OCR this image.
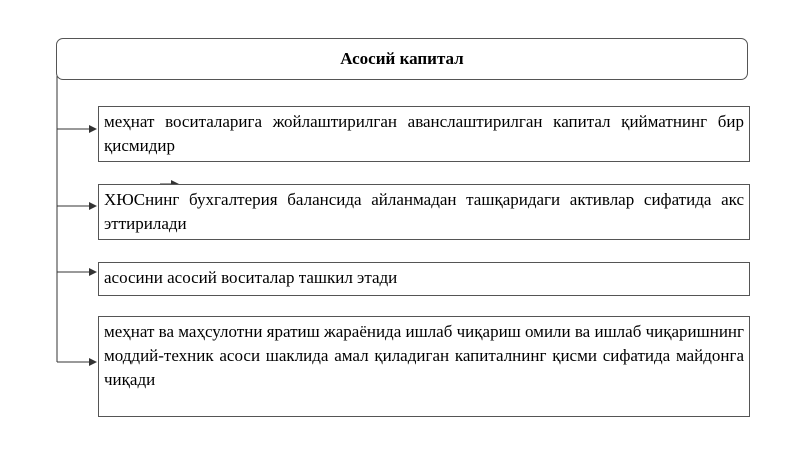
Асосий капитал
меҳнат воситаларига жойлаштирилган аванслаштирилган капитал қийматнинг бир қисмидир
ХЮСнинг бухгалтерия балансида айланмадан ташқаридаги активлар сифатида акс эттирилади
асосини асосий воситалар ташкил этади
меҳнат ва маҳсулотни яратиш жараёнида ишлаб чиқариш омили ва ишлаб чиқаришнинг моддий-техник асоси шаклида амал қиладиган капиталнинг қисми сифатида майдонга чиқади
